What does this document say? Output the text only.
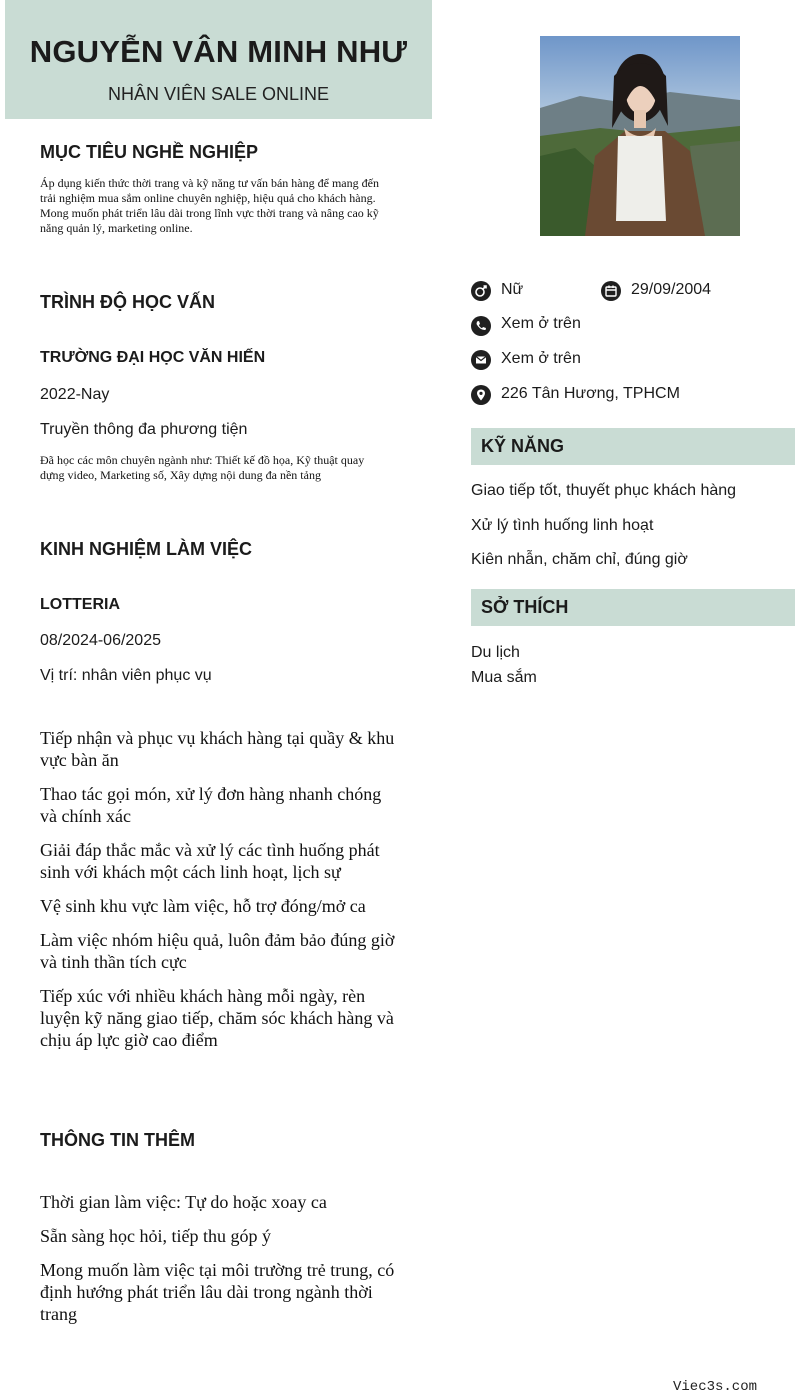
NGUYỄN VÂN MINH NHƯ
NHÂN VIÊN SALE ONLINE
MỤC TIÊU NGHỀ NGHIỆP
Áp dụng kiến thức thời trang và kỹ năng tư vấn bán hàng để mang đến trải nghiệm mua sắm online chuyên nghiệp, hiệu quả cho khách hàng. Mong muốn phát triển lâu dài trong lĩnh vực thời trang và nâng cao kỹ năng quản lý, marketing online.
TRÌNH ĐỘ HỌC VẤN
TRƯỜNG ĐẠI HỌC VĂN HIẾN
2022-Nay
Truyền thông đa phương tiện
Đã học các môn chuyên ngành như: Thiết kế đồ họa, Kỹ thuật quay dựng video, Marketing số, Xây dựng nội dung đa nền tảng
KINH NGHIỆM LÀM VIỆC
LOTTERIA
08/2024-06/2025
Vị trí: nhân viên phục vụ
Tiếp nhận và phục vụ khách hàng tại quầy & khu vực bàn ăn
Thao tác gọi món, xử lý đơn hàng nhanh chóng và chính xác
Giải đáp thắc mắc và xử lý các tình huống phát sinh với khách một cách linh hoạt, lịch sự
Vệ sinh khu vực làm việc, hỗ trợ đóng/mở ca
Làm việc nhóm hiệu quả, luôn đảm bảo đúng giờ và tinh thần tích cực
Tiếp xúc với nhiều khách hàng mỗi ngày, rèn luyện kỹ năng giao tiếp, chăm sóc khách hàng và chịu áp lực giờ cao điểm
THÔNG TIN THÊM
Thời gian làm việc: Tự do hoặc xoay ca
Sẵn sàng học hỏi, tiếp thu góp ý
Mong muốn làm việc tại môi trường trẻ trung, có định hướng phát triển lâu dài trong ngành thời trang
Nữ	29/09/2004
Xem ở trên
Xem ở trên
226 Tân Hương, TPHCM
KỸ NĂNG
Giao tiếp tốt, thuyết phục khách hàng
Xử lý tình huống linh hoạt
Kiên nhẫn, chăm chỉ, đúng giờ
SỞ THÍCH
Du lịch
Mua sắm
Viec3s.com
